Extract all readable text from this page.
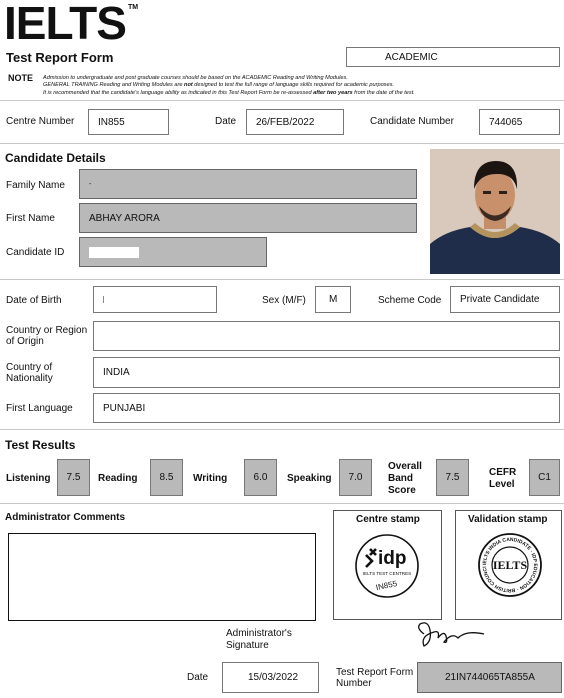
IELTS TM
Test Report Form	ACADEMIC
NOTE Admission to undergraduate and post graduate courses should be based on the ACADEMIC Reading and Writing Modules.
GENERAL TRAINING Reading and Writing Modules are not designed to test the full range of language skills required for academic purposes.
It is recommended that the candidate's language ability as indicated in this Test Report Form be re-assessed after two years from the date of the test.
Centre Number IN855	Date 26/FEB/2022	Candidate Number	744065
Candidate Details
Family Name	-
First Name	ABHAY ARORA
Candidate ID
Date of Birth	Sex (M/F) M	Scheme Code Private Candidate
Country or Region
of Origin
Country of
Nationality
INDIA
First Language	PUNJABI
Test Results
Listening 7.5 Reading 8.5 Writing	6.0 Speaking 7.0
Overall
Band
Score
7.5	CEFR
Level
C1
Administrator Comments	Centre stamp
idp
IELTS TEST CENTRES
IN855
Validation stamp
IELTS INDIA CANDIDATE · IDP EDUCATION · BRITISH COUNCI IELTS
Administrator's
Signature
Date	15/03/2022	Test Report Form
Number
21IN744065TA855A
